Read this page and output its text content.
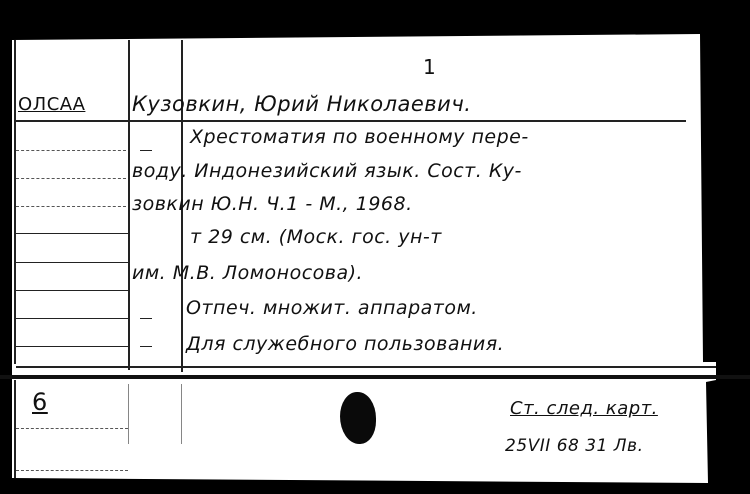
1
ОЛСАА Кузовкин, Юрий Николаевич.
Хрестоматия по военному пере-
воду. Индонезийский язык. Сост. Ку-
зовкин Ю.Н. Ч.1 - М., 1968.
т 29 см. (Моск. гос. ун-т
им. М.В. Ломоносова).
Отпеч. множит. аппаратом.
Для служебного пользования.
6	Ст. след. карт.
25VII 68 31 Лв.
